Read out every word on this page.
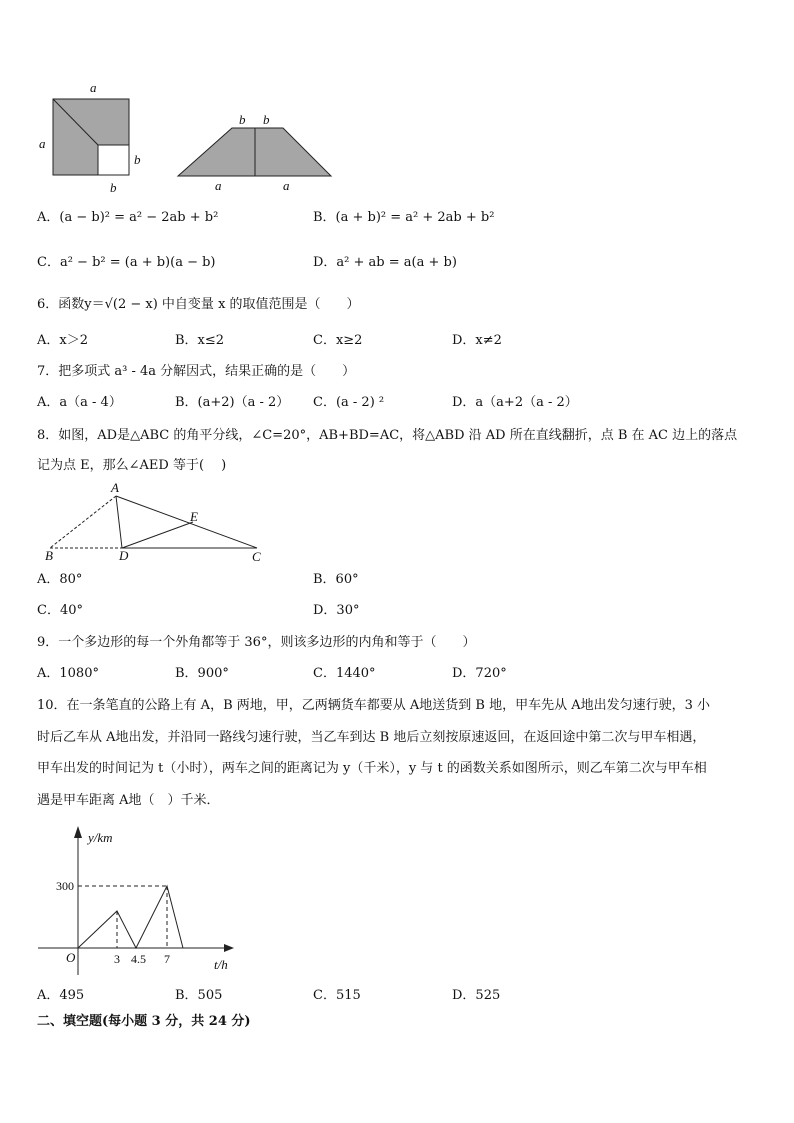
a
a
b
b
b b
a	a
A
B	D	C
E
y/km
t/h
O
300
3 4.5 7
A．(a − b)² = a² − 2ab + b²	B．(a + b)² = a² + 2ab + b²
C．a² − b² = (a + b)(a − b)	D．a² + ab = a(a + b)
6．函数y＝√(2 − x) 中自变量 x 的取值范围是（　　）
A．x＞2	B．x≤2	C．x≥2	D．x≠2
7．把多项式 a³ - 4a 分解因式，结果正确的是（　　）
A．a（a - 4）	B．(a+2)（a - 2） C．(a - 2) ²	D．a（a+2（a - 2）
8．如图，AD是△ABC 的角平分线，∠C=20°，AB+BD=AC，将△ABD 沿 AD 所在直线翻折，点 B 在 AC 边上的落点
记为点 E，那么∠AED 等于(　 )
A．80°	B．60°
C．40°	D．30°
9．一个多边形的每一个外角都等于 36°，则该多边形的内角和等于（　　）
A．1080°	B．900°	C．1440°	D．720°
10．在一条笔直的公路上有 A，B 两地，甲，乙两辆货车都要从 A地送货到 B 地，甲车先从 A地出发匀速行驶，3 小
时后乙车从 A地出发，并沿同一路线匀速行驶，当乙车到达 B 地后立刻按原速返回，在返回途中第二次与甲车相遇，
甲车出发的时间记为 t（小时），两车之间的距离记为 y（千米），y 与 t 的函数关系如图所示，则乙车第二次与甲车相
遇是甲车距离 A地（　）千米．
A．495	B．505	C．515	D．525
二、填空题(每小题 3 分，共 24 分)
